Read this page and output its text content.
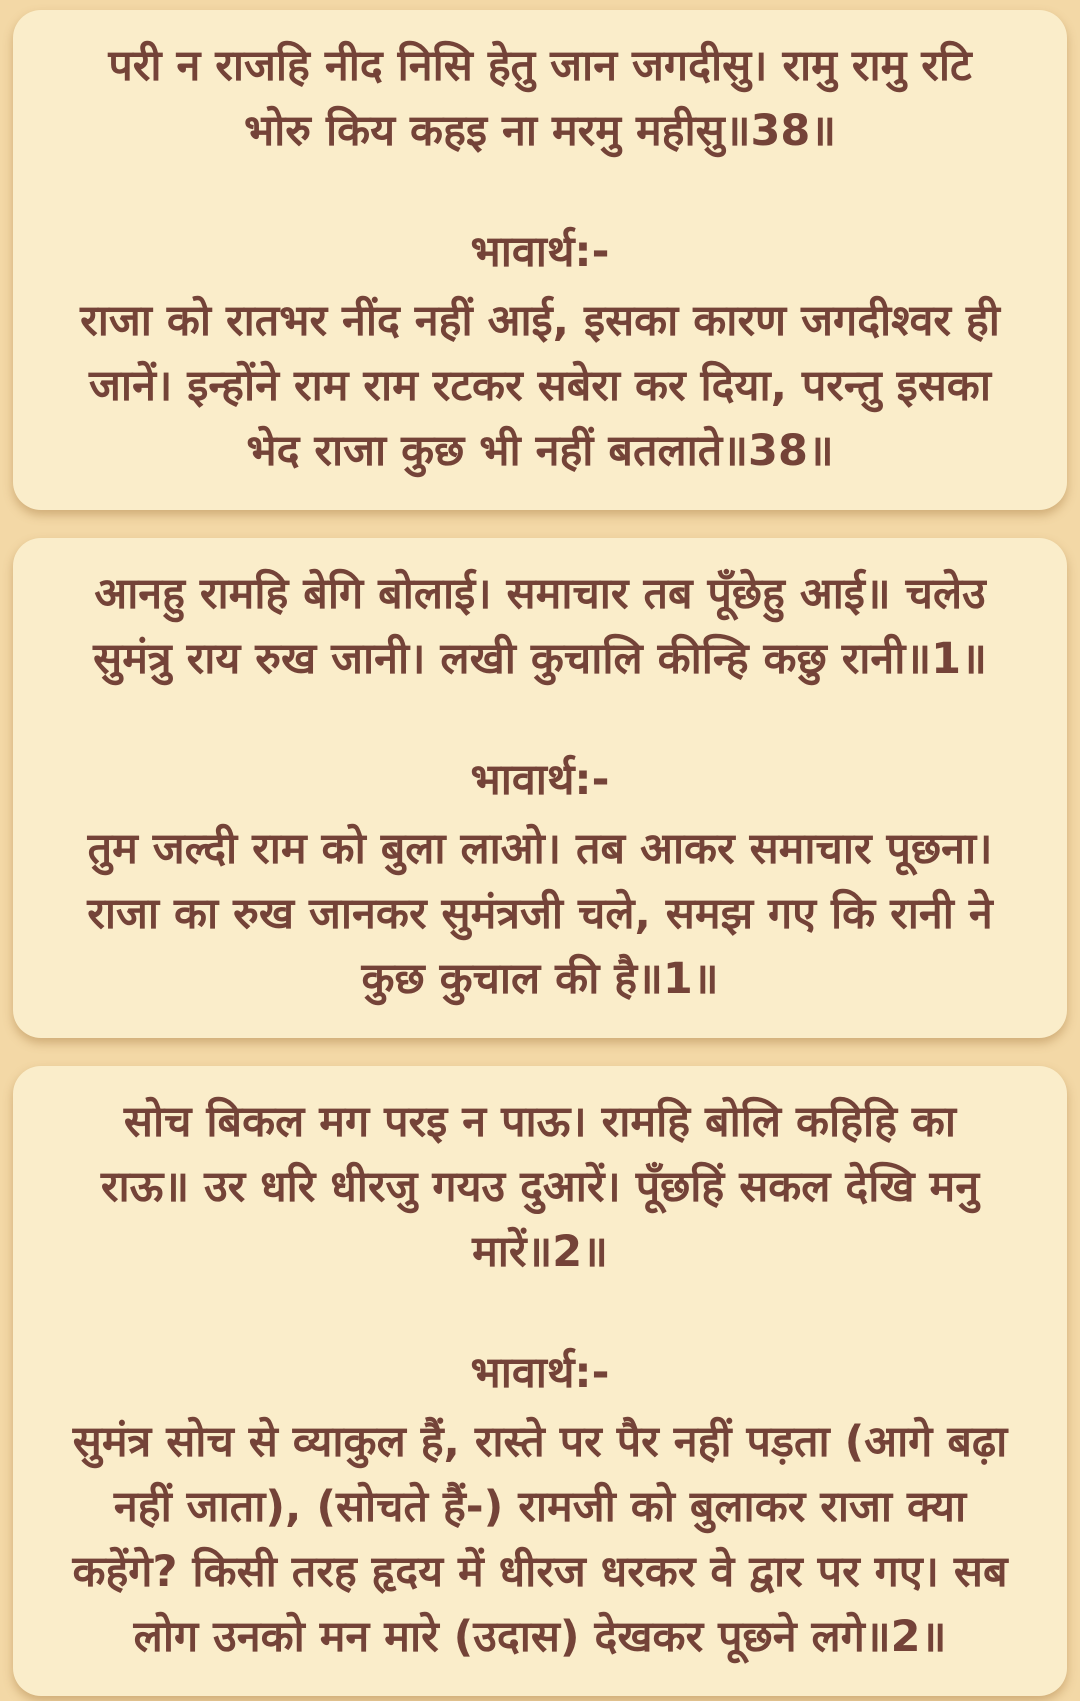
परी न राजहि नीद निसि हेतु जान जगदीसु। रामु रामु रटि
भोरु किय कहइ ना मरमु महीसु॥38॥
भावार्थ:-
राजा को रातभर नींद नहीं आई, इसका कारण जगदीश्वर ही
जानें। इन्होंने राम राम रटकर सबेरा कर दिया, परन्तु इसका
भेद राजा कुछ भी नहीं बतलाते॥38॥
आनहु रामहि बेगि बोलाई। समाचार तब पूँछेहु आई॥ चलेउ
सुमंत्रु राय रुख जानी। लखी कुचालि कीन्हि कछु रानी॥1॥
भावार्थ:-
तुम जल्दी राम को बुला लाओ। तब आकर समाचार पूछना।
राजा का रुख जानकर सुमंत्रजी चले, समझ गए कि रानी ने
कुछ कुचाल की है॥1॥
सोच बिकल मग परइ न पाऊ। रामहि बोलि कहिहि का
राऊ॥ उर धरि धीरजु गयउ दुआरें। पूँछहिं सकल देखि मनु
मारें॥2॥
भावार्थ:-
सुमंत्र सोच से व्याकुल हैं, रास्ते पर पैर नहीं पड़ता (आगे बढ़ा
नहीं जाता), (सोचते हैं-) रामजी को बुलाकर राजा क्या
कहेंगे? किसी तरह हृदय में धीरज धरकर वे द्वार पर गए। सब
लोग उनको मन मारे (उदास) देखकर पूछने लगे॥2॥
